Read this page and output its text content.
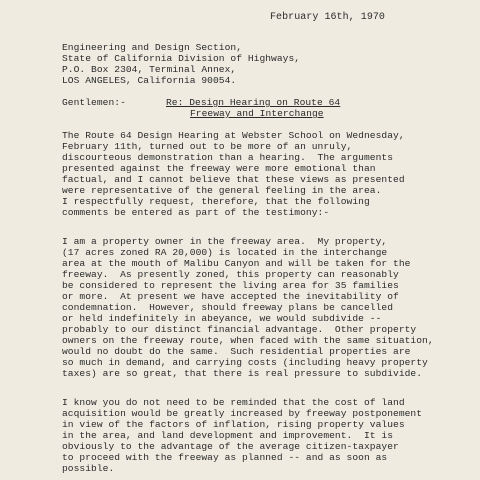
February 16th, 1970
Engineering and Design Section,
State of California Division of Highways,
P.O. Box 2304, Terminal Annex,
LOS ANGELES, California 90054.
Gentlemen:-	Re: Design Hearing on Route 64
Freeway and Interchange
The Route 64 Design Hearing at Webster School on Wednesday,
February 11th, turned out to be more of an unruly,
discourteous demonstration than a hearing.  The arguments
presented against the freeway were more emotional than
factual, and I cannot believe that these views as presented
were representative of the general feeling in the area.
I respectfully request, therefore, that the following
comments be entered as part of the testimony:-
I am a property owner in the freeway area.  My property,
(17 acres zoned RA 20,000) is located in the interchange
area at the mouth of Malibu Canyon and will be taken for the
freeway.  As presently zoned, this property can reasonably
be considered to represent the living area for 35 families
or more.  At present we have accepted the inevitability of
condemnation.  However, should freeway plans be cancelled
or held indefinitely in abeyance, we would subdivide --
probably to our distinct financial advantage.  Other property
owners on the freeway route, when faced with the same situation,
would no doubt do the same.  Such residential properties are
so much in demand, and carrying costs (including heavy property
taxes) are so great, that there is real pressure to subdivide.
I know you do not need to be reminded that the cost of land
acquisition would be greatly increased by freeway postponement
in view of the factors of inflation, rising property values
in the area, and land development and improvement.  It is
obviously to the advantage of the average citizen-taxpayer
to proceed with the freeway as planned -- and as soon as
possible.
